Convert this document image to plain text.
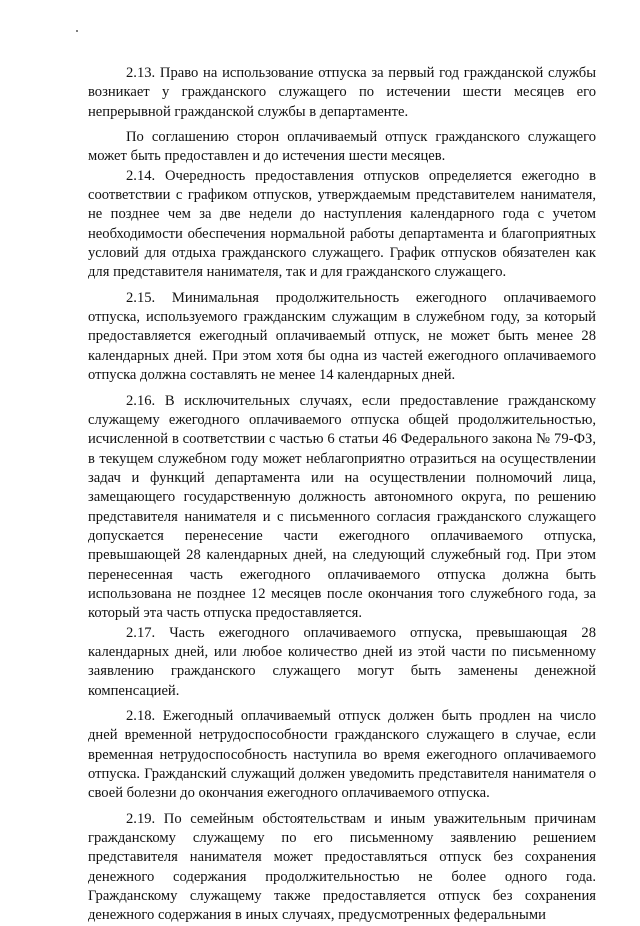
2.13. Право на использование отпуска за первый год гражданской службы возникает у гражданского служащего по истечении шести месяцев его непрерывной гражданской службы в департаменте.

По соглашению сторон оплачиваемый отпуск гражданского служащего может быть предоставлен и до истечения шести месяцев.

2.14. Очередность предоставления отпусков определяется ежегодно в соответствии с графиком отпусков, утверждаемым представителем нанимателя, не позднее чем за две недели до наступления календарного года с учетом необходимости обеспечения нормальной работы департамента и благоприятных условий для отдыха гражданского служащего. График отпусков обязателен как для представителя нанимателя, так и для гражданского служащего.

2.15. Минимальная продолжительность ежегодного оплачиваемого отпуска, используемого гражданским служащим в служебном году, за который предоставляется ежегодный оплачиваемый отпуск, не может быть менее 28 календарных дней. При этом хотя бы одна из частей ежегодного оплачиваемого отпуска должна составлять не менее 14 календарных дней.

2.16. В исключительных случаях, если предоставление гражданскому служащему ежегодного оплачиваемого отпуска общей продолжительностью, исчисленной в соответствии с частью 6 статьи 46 Федерального закона № 79-ФЗ, в текущем служебном году может неблагоприятно отразиться на осуществлении задач и функций департамента или на осуществлении полномочий лица, замещающего государственную должность автономного округа, по решению представителя нанимателя и с письменного согласия гражданского служащего допускается перенесение части ежегодного оплачиваемого отпуска, превышающей 28 календарных дней, на следующий служебный год. При этом перенесенная часть ежегодного оплачиваемого отпуска должна быть использована не позднее 12 месяцев после окончания того служебного года, за который эта часть отпуска предоставляется.

2.17. Часть ежегодного оплачиваемого отпуска, превышающая 28 календарных дней, или любое количество дней из этой части по письменному заявлению гражданского служащего могут быть заменены денежной компенсацией.

2.18. Ежегодный оплачиваемый отпуск должен быть продлен на число дней временной нетрудоспособности гражданского служащего в случае, если временная нетрудоспособность наступила во время ежегодного оплачиваемого отпуска. Гражданский служащий должен уведомить представителя нанимателя о своей болезни до окончания ежегодного оплачиваемого отпуска.

2.19. По семейным обстоятельствам и иным уважительным причинам гражданскому служащему по его письменному заявлению решением представителя нанимателя может предоставляться отпуск без сохранения денежного содержания продолжительностью не более одного года. Гражданскому служащему также предоставляется отпуск без сохранения денежного содержания в иных случаях, предусмотренных федеральными
